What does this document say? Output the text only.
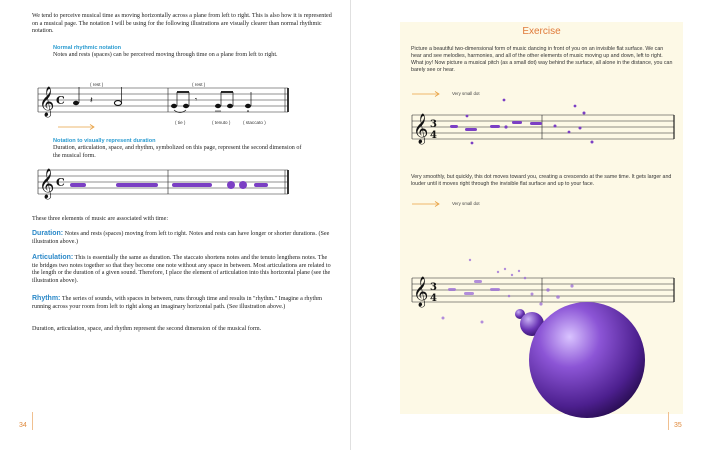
We tend to perceive musical time as moving horizontally across a plane from left to right. This is also how it is represented on a musical page. The notation I will be using for the following illustrations are visually clearer than normal rhythmic notation.
Normal rhythmic notation
Notes and rests (spaces) can be perceived moving through time on a plane from left to right.
𝄞 C	𝄽	𝄾
( rest )	( rest )
( tie )	( tenuto )	( staccato )
Notation to visually represent duration
Duration, articulation, space, and rhythm, symbolized on this page, represent the second dimension of the musical form.
𝄞 C
These three elements of music are associated with time:
Duration: Notes and rests (spaces) moving from left to right. Notes and rests can have longer or shorter durations. (See illustration above.)
Articulation: This is essentially the same as duration. The staccato shortens notes and the tenuto lengthens notes. The tie bridges two notes together so that they become one note without any space in between. Most articulations are related to the length or the duration of a given sound. Therefore, I place the element of articulation into this horizontal plane (see the illustration above).
Rhythm: The series of sounds, with spaces in between, runs through time and results in "rhythm." Imagine a rhythm running across your room from left to right along an imaginary horizontal path. (See illustration above.)
Duration, articulation, space, and rhythm represent the second dimension of the musical form.
34
Exercise
Picture a beautiful two-dimensional form of music dancing in front of you on an invisible flat surface. We can hear and see melodies, harmonies, and all of the other elements of music moving up and down, left to right. What joy! Now picture a musical pitch (as a small dot) way behind the surface, all alone in the distance, you can barely see or hear.
Very small dot
𝄞 3
4
Very smoothly, but quickly, this dot moves toward you, creating a crescendo at the same time. It gets larger and louder until it moves right through the invisible flat surface and up to your face.
Very small dot
𝄞 3
4
35
